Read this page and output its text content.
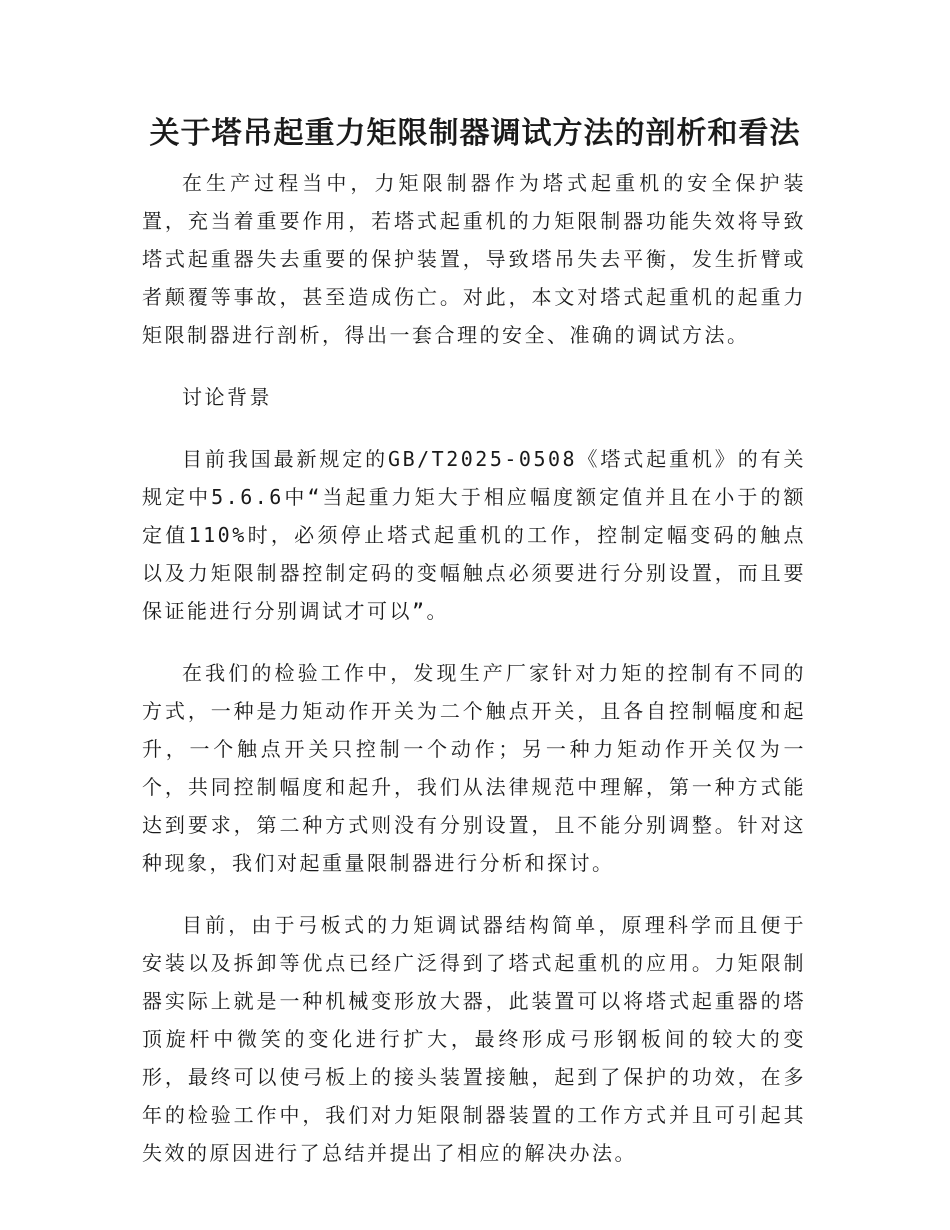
关于塔吊起重力矩限制器调试方法的剖析和看法

在生产过程当中，力矩限制器作为塔式起重机的安全保护装置，充当着重要作用，若塔式起重机的力矩限制器功能失效将导致塔式起重器失去重要的保护装置，导致塔吊失去平衡，发生折臂或者颠覆等事故，甚至造成伤亡。对此，本文对塔式起重机的起重力矩限制器进行剖析，得出一套合理的安全、准确的调试方法。

讨论背景

目前我国最新规定的GB/T2025-0508《塔式起重机》的有关规定中5.6.6中“当起重力矩大于相应幅度额定值并且在小于的额定值110%时，必须停止塔式起重机的工作，控制定幅变码的触点以及力矩限制器控制定码的变幅触点必须要进行分别设置，而且要保证能进行分别调试才可以”。

在我们的检验工作中，发现生产厂家针对力矩的控制有不同的方式，一种是力矩动作开关为二个触点开关，且各自控制幅度和起升，一个触点开关只控制一个动作；另一种力矩动作开关仅为一个，共同控制幅度和起升，我们从法律规范中理解，第一种方式能达到要求，第二种方式则没有分别设置，且不能分别调整。针对这种现象，我们对起重量限制器进行分析和探讨。

目前，由于弓板式的力矩调试器结构简单，原理科学而且便于安装以及拆卸等优点已经广泛得到了塔式起重机的应用。力矩限制器实际上就是一种机械变形放大器，此装置可以将塔式起重器的塔顶旋杆中微笑的变化进行扩大，最终形成弓形钢板间的较大的变形，最终可以使弓板上的接头装置接触，起到了保护的功效，在多年的检验工作中，我们对力矩限制器装置的工作方式并且可引起其失效的原因进行了总结并提出了相应的解决办法。
